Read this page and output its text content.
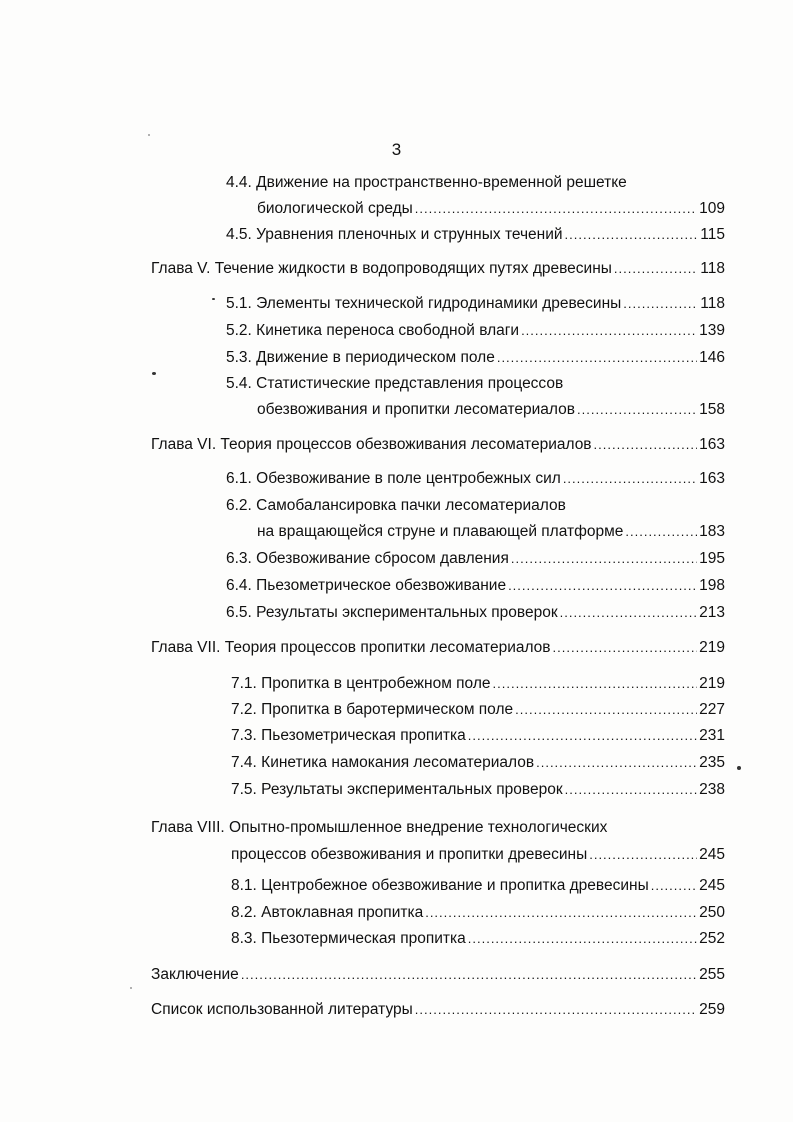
3
4.4. Движение на пространственно-временной решетке
биологической среды .....	109
4.5. Уравнения пленочных и струнных течений .....	115
Глава V. Течение жидкости в водопроводящих путях древесины .....	118
5.1. Элементы технической гидродинамики древесины .....	118
5.2. Кинетика переноса свободной влаги .....	139
5.3. Движение в периодическом поле .....	146
5.4. Статистические представления процессов
обезвоживания и пропитки лесоматериалов .....	158
Глава VI. Теория процессов обезвоживания лесоматериалов .....	163
6.1. Обезвоживание в поле центробежных сил .....	163
6.2. Самобалансировка пачки лесоматериалов
на вращающейся струне и плавающей платформе .....	183
6.3. Обезвоживание сбросом давления .....	195
6.4. Пьезометрическое обезвоживание .....	198
6.5. Результаты экспериментальных проверок .....	213
Глава VII. Теория процессов пропитки лесоматериалов .....	219
7.1. Пропитка в центробежном поле .....	219
7.2. Пропитка в баротермическом поле .....	227
7.3. Пьезометрическая пропитка .....	231
7.4. Кинетика намокания лесоматериалов .....	235
7.5. Результаты экспериментальных проверок .....	238
Глава VIII. Опытно-промышленное внедрение технологических
процессов обезвоживания и пропитки древесины .....	245
8.1. Центробежное обезвоживание и пропитка древесины .....	245
8.2. Автоклавная пропитка .....	250
8.3. Пьезотермическая пропитка .....	252
Заключение .....	255
Список использованной литературы .....	259
